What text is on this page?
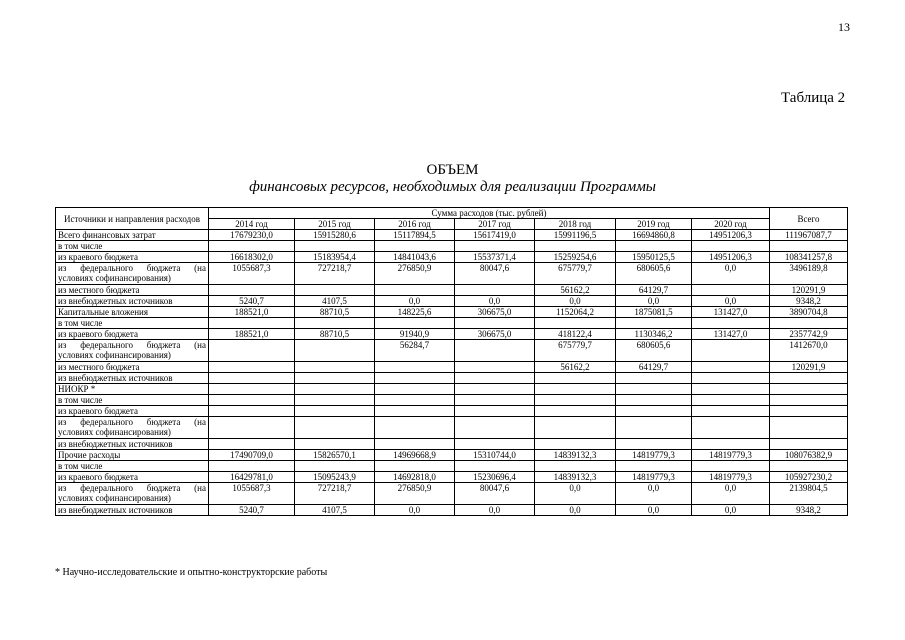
13
Таблица 2
ОБЪЕМ
финансовых ресурсов, необходимых для реализации Программы
Источники и направления расходов	Сумма расходов (тыс. рублей)							Всего
	2014 год	2015 год	2016 год	2017 год	2018 год	2019 год	2020 год	
Всего финансовых затрат	17679230,0	15915280,6	15117894,5	15617419,0	15991196,5	16694860,8	14951206,3	111967087,7
в том числе								
из краевого бюджета	16618302,0	15183954,4	14841043,6	15537371,4	15259254,6	15950125,5	14951206,3	108341257,8
из федерального бюджета (на условиях софинансирования)	1055687,3	727218,7	276850,9	80047,6	675779,7	680605,6	0,0	3496189,8
из местного бюджета					56162,2	64129,7		120291,9
из внебюджетных источников	5240,7	4107,5	0,0	0,0	0,0	0,0	0,0	9348,2
Капитальные вложения	188521,0	88710,5	148225,6	306675,0	1152064,2	1875081,5	131427,0	3890704,8
в том числе								
из краевого бюджета	188521,0	88710,5	91940,9	306675,0	418122,4	1130346,2	131427,0	2357742,9
из федерального бюджета (на условиях софинансирования)			56284,7		675779,7	680605,6		1412670,0
из местного бюджета					56162,2	64129,7		120291,9
из внебюджетных источников								
НИОКР *								
в том числе								
из краевого бюджета								
из федерального бюджета (на условиях софинансирования)								
из внебюджетных источников								
Прочие расходы	17490709,0	15826570,1	14969668,9	15310744,0	14839132,3	14819779,3	14819779,3	108076382,9
в том числе								
из краевого бюджета	16429781,0	15095243,9	14692818,0	15230696,4	14839132,3	14819779,3	14819779,3	105927230,2
из федерального бюджета (на условиях софинансирования)	1055687,3	727218,7	276850,9	80047,6	0,0	0,0	0,0	2139804,5
из внебюджетных источников	5240,7	4107,5	0,0	0,0	0,0	0,0	0,0	9348,2
* Научно-исследовательские и опытно-конструкторские работы
